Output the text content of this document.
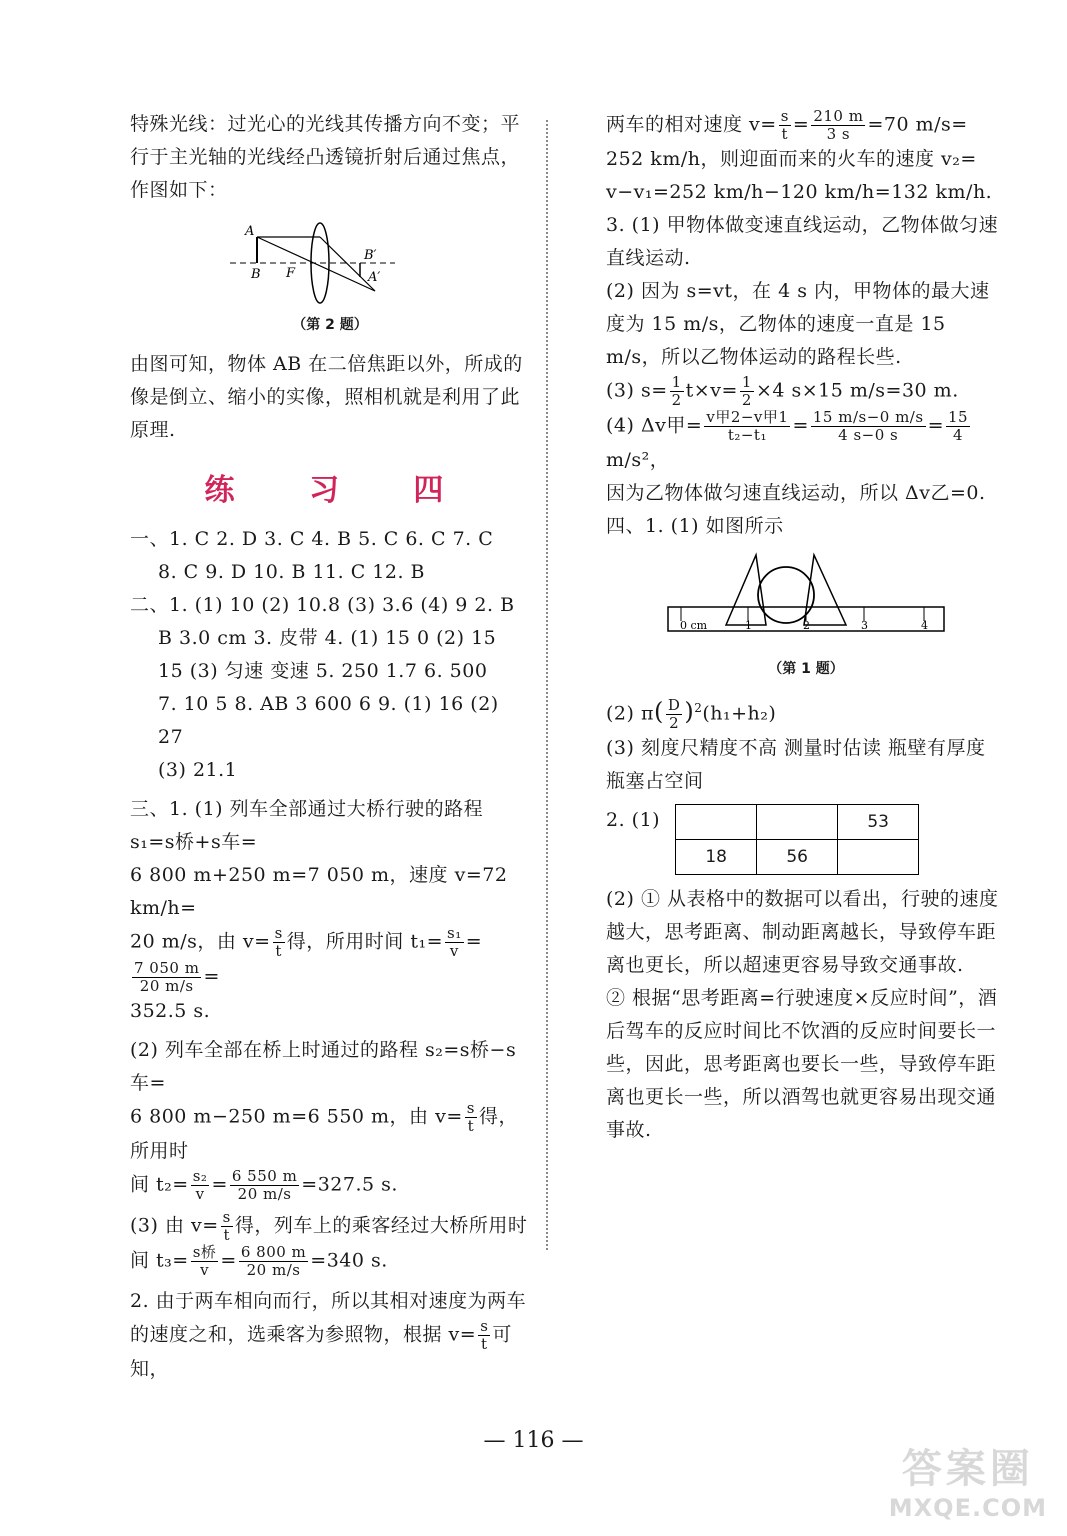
特殊光线：过光心的光线其传播方向不变；平行于主光轴的光线经凸透镜折射后通过焦点，作图如下：

A
B F
B′
A′
（第 2 题）

由图可知，物体 AB 在二倍焦距以外，所成的像是倒立、缩小的实像，照相机就是利用了此原理.

练 习 四

一、1. C 2. D 3. C 4. B 5. C 6. C 7. C

8. C 9. D 10. B 11. C 12. B

二、1. (1) 10 (2) 10.8 (3) 3.6 (4) 9 2. B

B 3.0 cm 3. 皮带 4. (1) 15 0 (2) 15

15 (3) 匀速 变速 5. 250 1.7 6. 500

7. 10 5 8. AB 3 600 6 9. (1) 16 (2) 27

(3) 21.1

三、1. (1) 列车全部通过大桥行驶的路程 s₁=s桥+s车=

6 800 m+250 m=7 050 m，速度 v=72 km/h=

20 m/s，由 $v= \frac{s}{t}$ 得，所用时间 $t_1= \frac{\text{s₁}}{v}$ =
$\frac{7 050 m}{20 m/s}$ =

352.5 s.

(2) 列车全部在桥上时通过的路程 s₂=s桥−s车=

6 800 m−250 m=6 550 m，由 $v= \frac{s}{t}$ 得，所用时

间 $t_2= \frac{\text{s₂}}{v} = \frac{6 550 m}{20 m/s} =327.5$ s.

(3) 由 $v= \frac{s}{t}$ 得，列车上的乘客经过大桥所用时

间 $t_3= \frac{\text{s桥}}{v} = \frac{6 800 m}{20 m/s} =340$ s.

2. 由于两车相向而行，所以其相对速度为两车

的速度之和，选乘客为参照物，根据 $v= \frac{s}{t}$ 可知，

两车的相对速度 $v= \frac{s}{t} = \frac{210 m}{3 s} =70$ m/s=

252 km/h，则迎面而来的火车的速度 v₂=

v−v₁=252 km/h−120 km/h=132 km/h.

3. (1) 甲物体做变速直线运动，乙物体做匀速直线运动.

(2) 因为 s=vt，在 4 s 内，甲物体的最大速度为 15 m/s，乙物体的速度一直是 15 m/s，所以乙物体运动的路程长些.

(3) $s= \frac{1}{2} t\times v= \frac{1}{2} \times 4$ s×15 m/s=30 m.

(4) Δv甲= $\frac{\text{v甲2−v甲1}}{\text{t₂−t₁}} = \frac{15 m/s-0 m/s}{4 s-0 s} = \frac{15}{4}$
m/s²，

因为乙物体做匀速直线运动，所以 Δv乙=0.

四、1. (1) 如图所示

0 cm	1	2	3	4
（第 1 题）

(2) $\pi( \frac{D}{2} )^2(h_1+h_2)$

(3) 刻度尺精度不高 测量时估读 瓶壁有厚度 瓶塞占空间

2. (1)			53
18	56	

(2) ① 从表格中的数据可以看出，行驶的速度越大，思考距离、制动距离越长，导致停车距离也更长，所以超速更容易导致交通事故.

② 根据“思考距离=行驶速度×反应时间”，酒后驾车的反应时间比不饮酒的反应时间要长一些，因此，思考距离也要长一些，导致停车距离也更长一些，所以酒驾也就更容易出现交通事故.

— 116 —
答案圈
MXQE.COM
